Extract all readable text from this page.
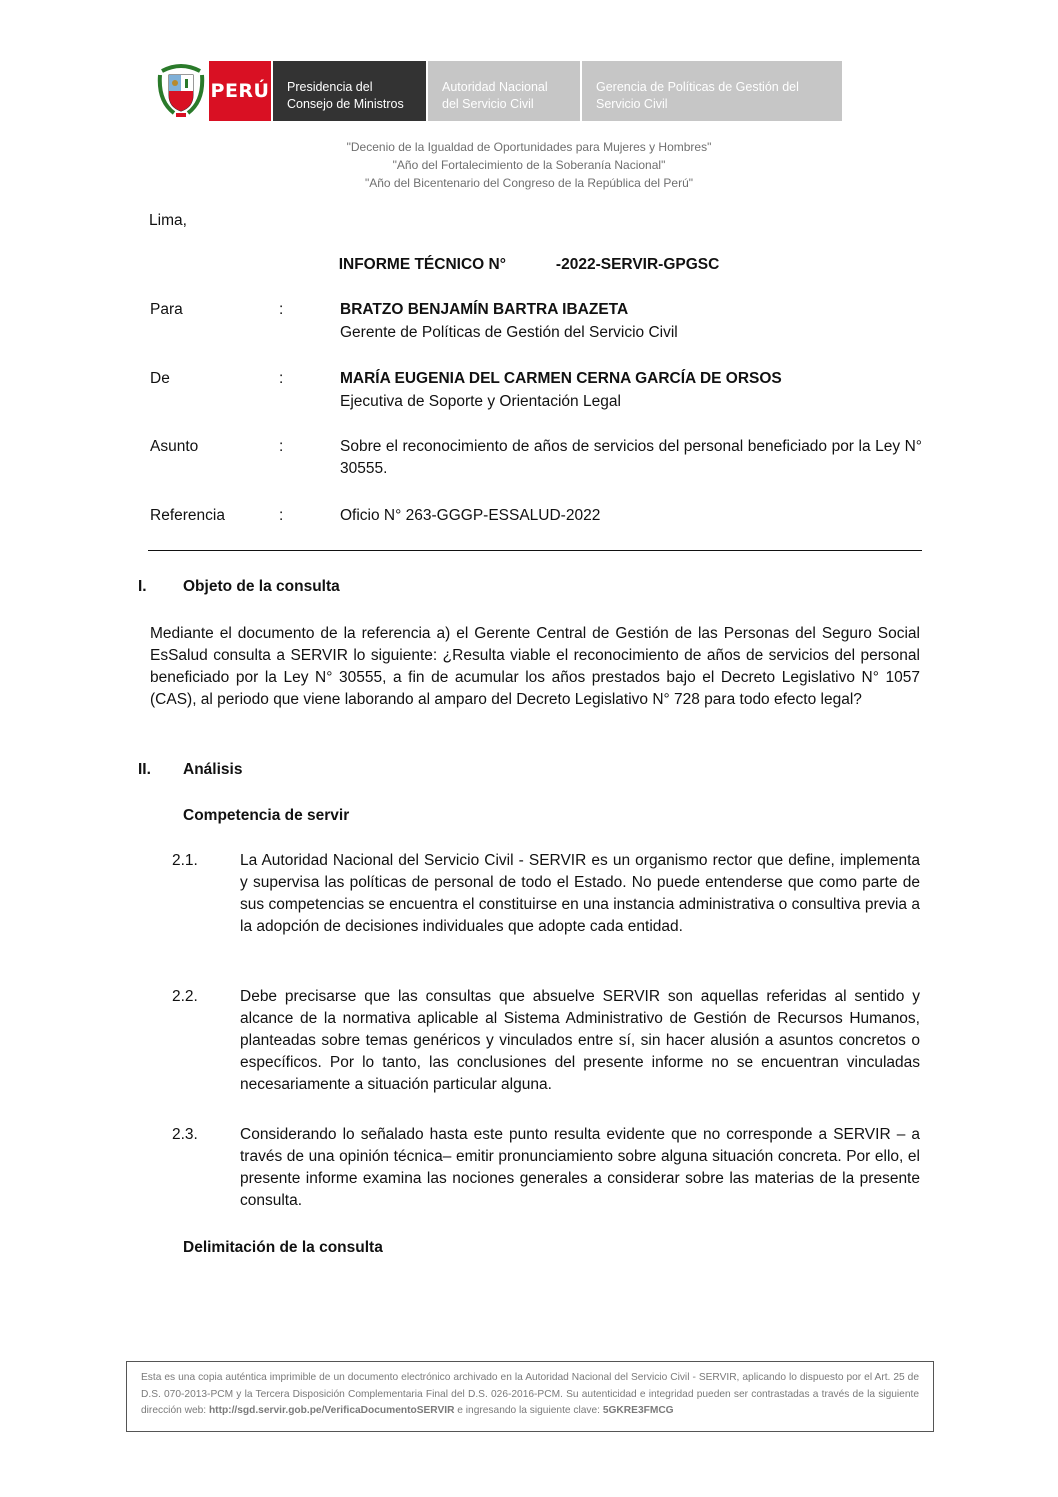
PERÚ Presidencia del
Consejo de Ministros
Autoridad Nacional
del Servicio Civil
Gerencia de Políticas de Gestión del
Servicio Civil
"Decenio de la Igualdad de Oportunidades para Mujeres y Hombres"
"Año del Fortalecimiento de la Soberanía Nacional"
"Año del Bicentenario del Congreso de la República del Perú"
Lima,
INFORME TÉCNICO N°	-2022-SERVIR-GPGSC
Para	:	BRATZO BENJAMÍN BARTRA IBAZETA
Gerente de Políticas de Gestión del Servicio Civil
De	:	MARÍA EUGENIA DEL CARMEN CERNA GARCÍA DE ORSOS
Ejecutiva de Soporte y Orientación Legal
Asunto	:	Sobre el reconocimiento de años de servicios del personal beneficiado por la Ley N° 30555.
Referencia	:	Oficio N° 263-GGGP-ESSALUD-2022
I. Objeto de la consulta
Mediante el documento de la referencia a) el Gerente Central de Gestión de las Personas del Seguro Social EsSalud consulta a SERVIR lo siguiente: ¿Resulta viable el reconocimiento de años de servicios del personal beneficiado por la Ley N° 30555, a fin de acumular los años prestados bajo el Decreto Legislativo N° 1057 (CAS), al periodo que viene laborando al amparo del Decreto Legislativo N° 728 para todo efecto legal?
II. Análisis
Competencia de servir
2.1.	La Autoridad Nacional del Servicio Civil - SERVIR es un organismo rector que define, implementa y supervisa las políticas de personal de todo el Estado. No puede entenderse que como parte de sus competencias se encuentra el constituirse en una instancia administrativa o consultiva previa a la adopción de decisiones individuales que adopte cada entidad.
2.2.	Debe precisarse que las consultas que absuelve SERVIR son aquellas referidas al sentido y alcance de la normativa aplicable al Sistema Administrativo de Gestión de Recursos Humanos, planteadas sobre temas genéricos y vinculados entre sí, sin hacer alusión a asuntos concretos o específicos. Por lo tanto, las conclusiones del presente informe no se encuentran vinculadas necesariamente a situación particular alguna.
2.3.	Considerando lo señalado hasta este punto resulta evidente que no corresponde a SERVIR – a través de una opinión técnica– emitir pronunciamiento sobre alguna situación concreta. Por ello, el presente informe examina las nociones generales a considerar sobre las materias de la presente consulta.
Delimitación de la consulta
Esta es una copia auténtica imprimible de un documento electrónico archivado en la Autoridad Nacional del Servicio Civil - SERVIR, aplicando lo dispuesto por el Art. 25 de D.S. 070-2013-PCM y la Tercera Disposición Complementaria Final del D.S. 026-2016-PCM. Su autenticidad e integridad pueden ser contrastadas a través de la siguiente dirección web: http://sgd.servir.gob.pe/VerificaDocumentoSERVIR e ingresando la siguiente clave: 5GKRE3FMCG
